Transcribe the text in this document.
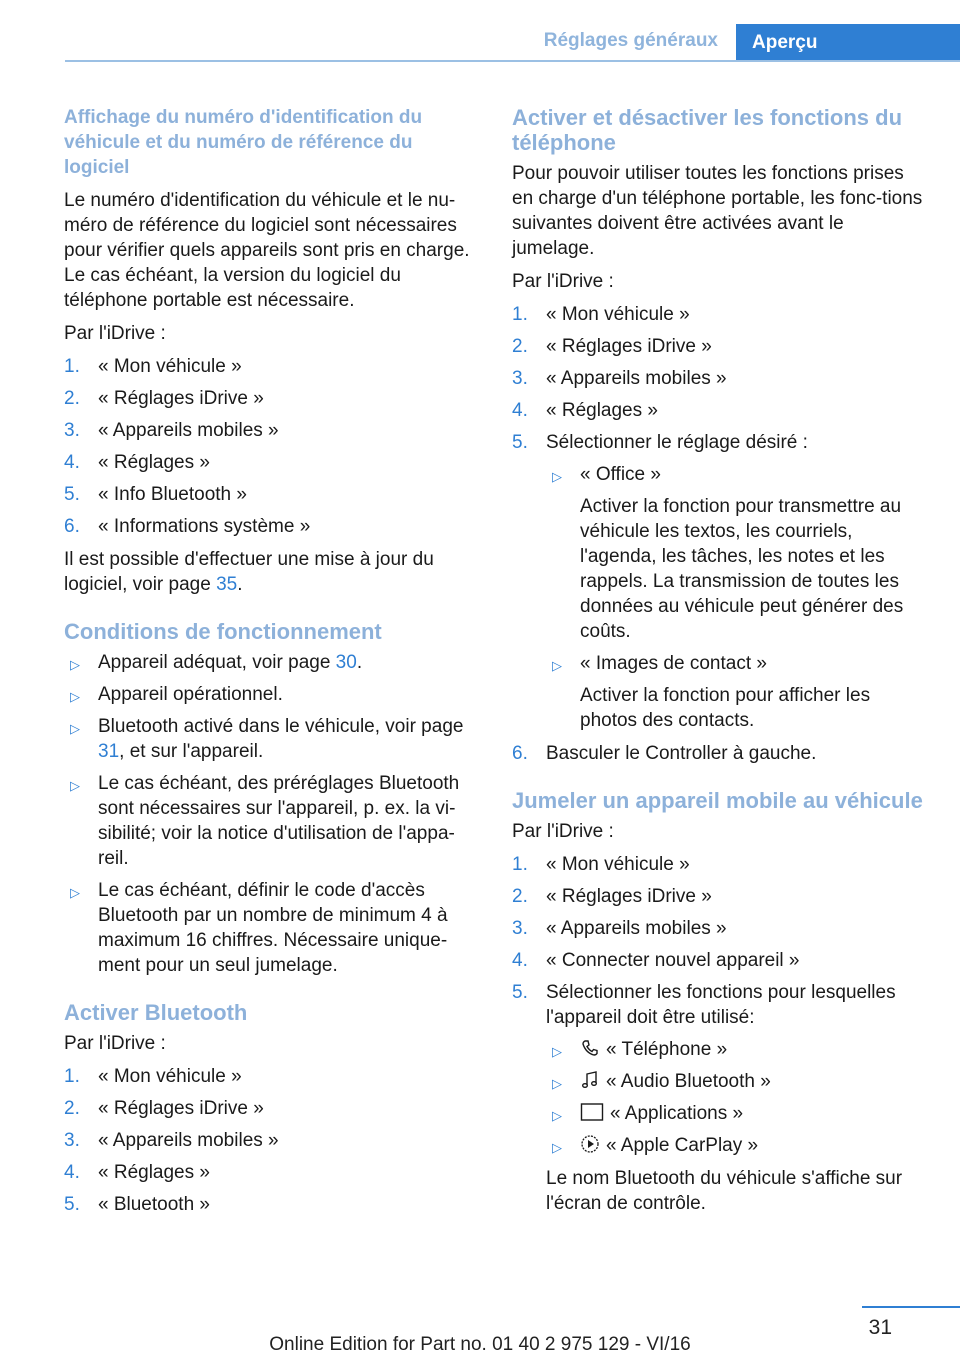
Réglages généraux	Aperçu
Affichage du numéro d'identification du véhicule et du numéro de référence du logiciel

Le numéro d'identification du véhicule et le nu‐méro de référence du logiciel sont nécessaires pour vérifier quels appareils sont pris en charge. Le cas échéant, la version du logiciel du téléphone portable est nécessaire.

Par l'iDrive :

1. « Mon véhicule »
2. « Réglages iDrive »
3. « Appareils mobiles »
4. « Réglages »
5. « Info Bluetooth »
6. « Informations système »

Il est possible d'effectuer une mise à jour du logiciel, voir page 35.

Conditions de fonctionnement
▷ Appareil adéquat, voir page 30.
▷ Appareil opérationnel.
▷ Bluetooth activé dans le véhicule, voir page 31, et sur l'appareil.
▷ Le cas échéant, des préréglages Bluetooth sont nécessaires sur l'appareil, p. ex. la vi‐sibilité; voir la notice d'utilisation de l'appa‐reil.
▷ Le cas échéant, définir le code d'accès Bluetooth par un nombre de minimum 4 à maximum 16 chiffres. Nécessaire unique‐ment pour un seul jumelage.
Activer Bluetooth

Par l'iDrive :

1. « Mon véhicule »
2. « Réglages iDrive »
3. « Appareils mobiles »
4. « Réglages »
5. « Bluetooth »
Activer et désactiver les fonctions du téléphone

Pour pouvoir utiliser toutes les fonctions prises en charge d'un téléphone portable, les fonc‐tions suivantes doivent être activées avant le jumelage.

Par l'iDrive :

1. « Mon véhicule »
2. « Réglages iDrive »
3. « Appareils mobiles »
4. « Réglages »
5. Sélectionner le réglage désiré :
▷ « Office »
Activer la fonction pour transmettre au véhicule les textos, les courriels, l'agenda, les tâches, les notes et les rappels. La transmission de toutes les données au véhicule peut générer des coûts.
▷ « Images de contact »
Activer la fonction pour afficher les photos des contacts.
6. Basculer le Controller à gauche.
Jumeler un appareil mobile au véhicule

Par l'iDrive :

1. « Mon véhicule »
2. « Réglages iDrive »
3. « Appareils mobiles »
4. « Connecter nouvel appareil »
5. Sélectionner les fonctions pour lesquelles l'appareil doit être utilisé:
▷ « Téléphone »
▷ « Audio Bluetooth »
▷	« Applications »
▷ « Apple CarPlay »
Le nom Bluetooth du véhicule s'affiche sur l'écran de contrôle.
31
Online Edition for Part no. 01 40 2 975 129 - VI/16
